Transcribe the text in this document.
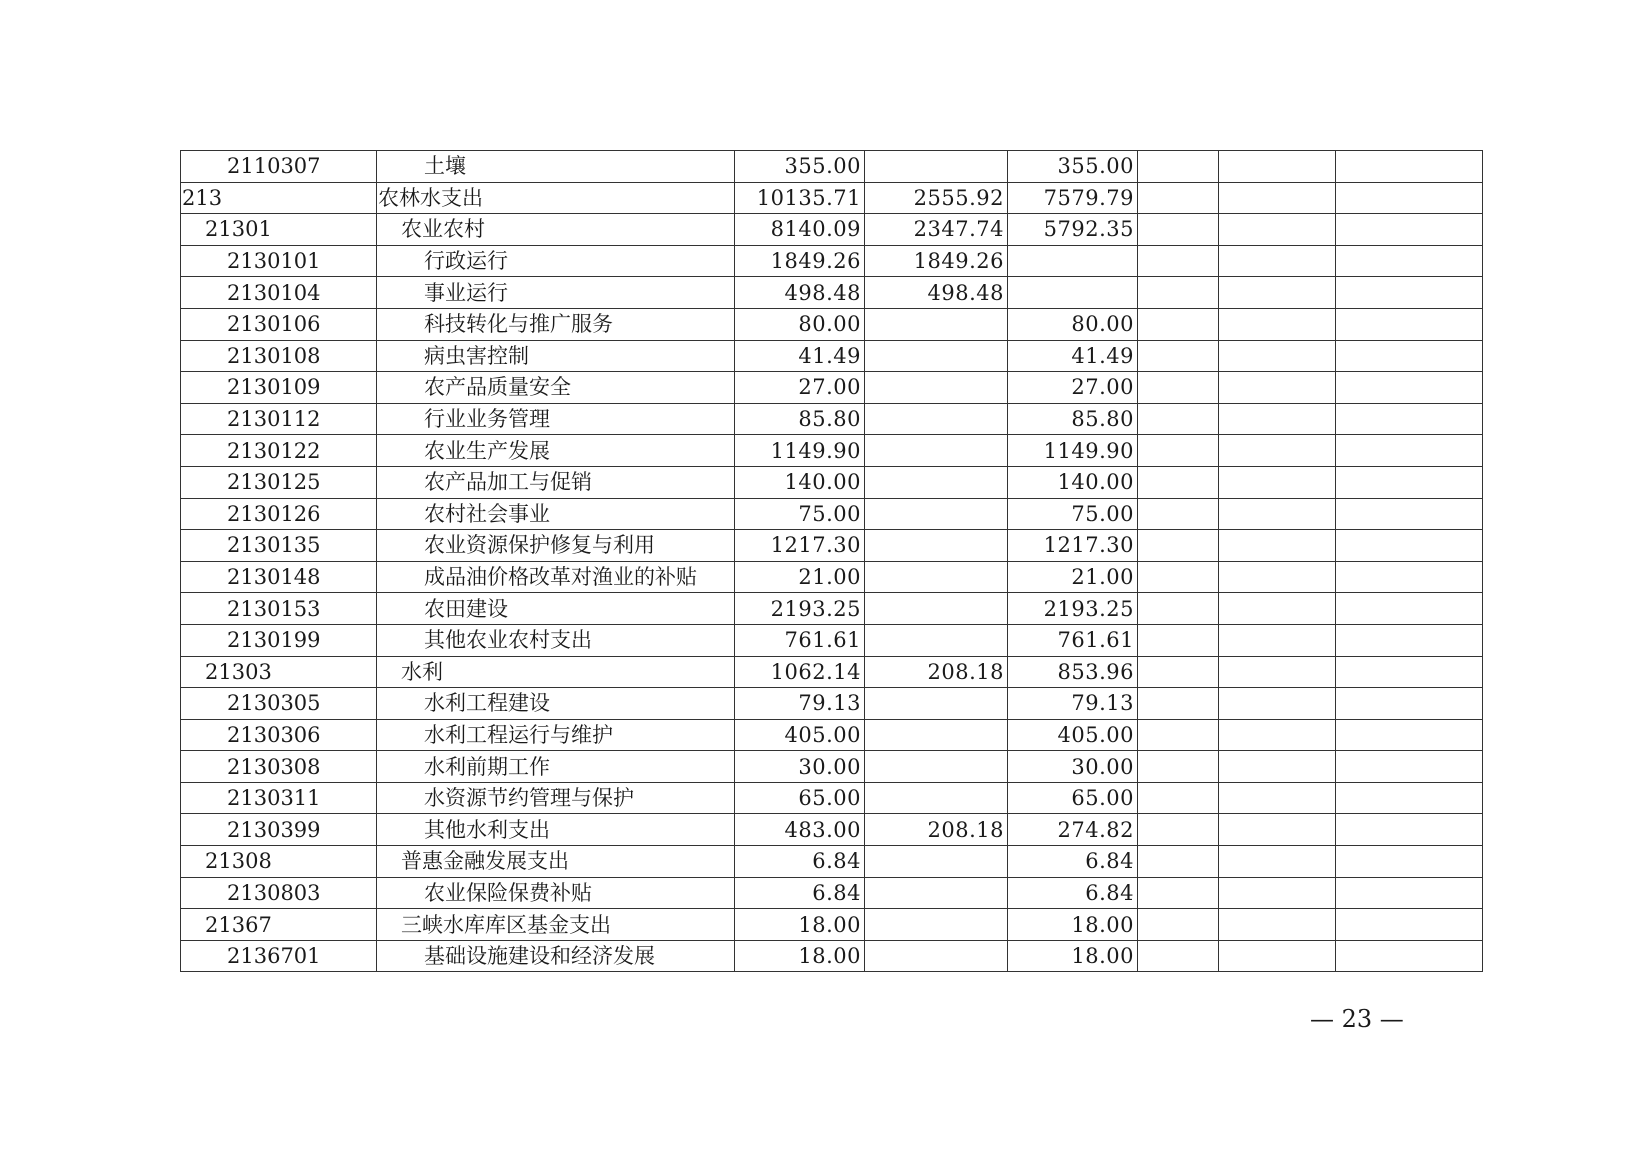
2110307	土壤	355.00		355.00			
213	农林水支出	10135.71	2555.92	7579.79			
21301	农业农村	8140.09	2347.74	5792.35			
2130101	行政运行	1849.26	1849.26				
2130104	事业运行	498.48	498.48				
2130106	科技转化与推广服务	80.00		80.00			
2130108	病虫害控制	41.49		41.49			
2130109	农产品质量安全	27.00		27.00			
2130112	行业业务管理	85.80		85.80			
2130122	农业生产发展	1149.90		1149.90			
2130125	农产品加工与促销	140.00		140.00			
2130126	农村社会事业	75.00		75.00			
2130135	农业资源保护修复与利用	1217.30		1217.30			
2130148	成品油价格改革对渔业的补贴	21.00		21.00			
2130153	农田建设	2193.25		2193.25			
2130199	其他农业农村支出	761.61		761.61			
21303	水利	1062.14	208.18	853.96			
2130305	水利工程建设	79.13		79.13			
2130306	水利工程运行与维护	405.00		405.00			
2130308	水利前期工作	30.00		30.00			
2130311	水资源节约管理与保护	65.00		65.00			
2130399	其他水利支出	483.00	208.18	274.82			
21308	普惠金融发展支出	6.84		6.84			
2130803	农业保险保费补贴	6.84		6.84			
21367	三峡水库库区基金支出	18.00		18.00			
2136701	基础设施建设和经济发展	18.00		18.00			
— 23 —
